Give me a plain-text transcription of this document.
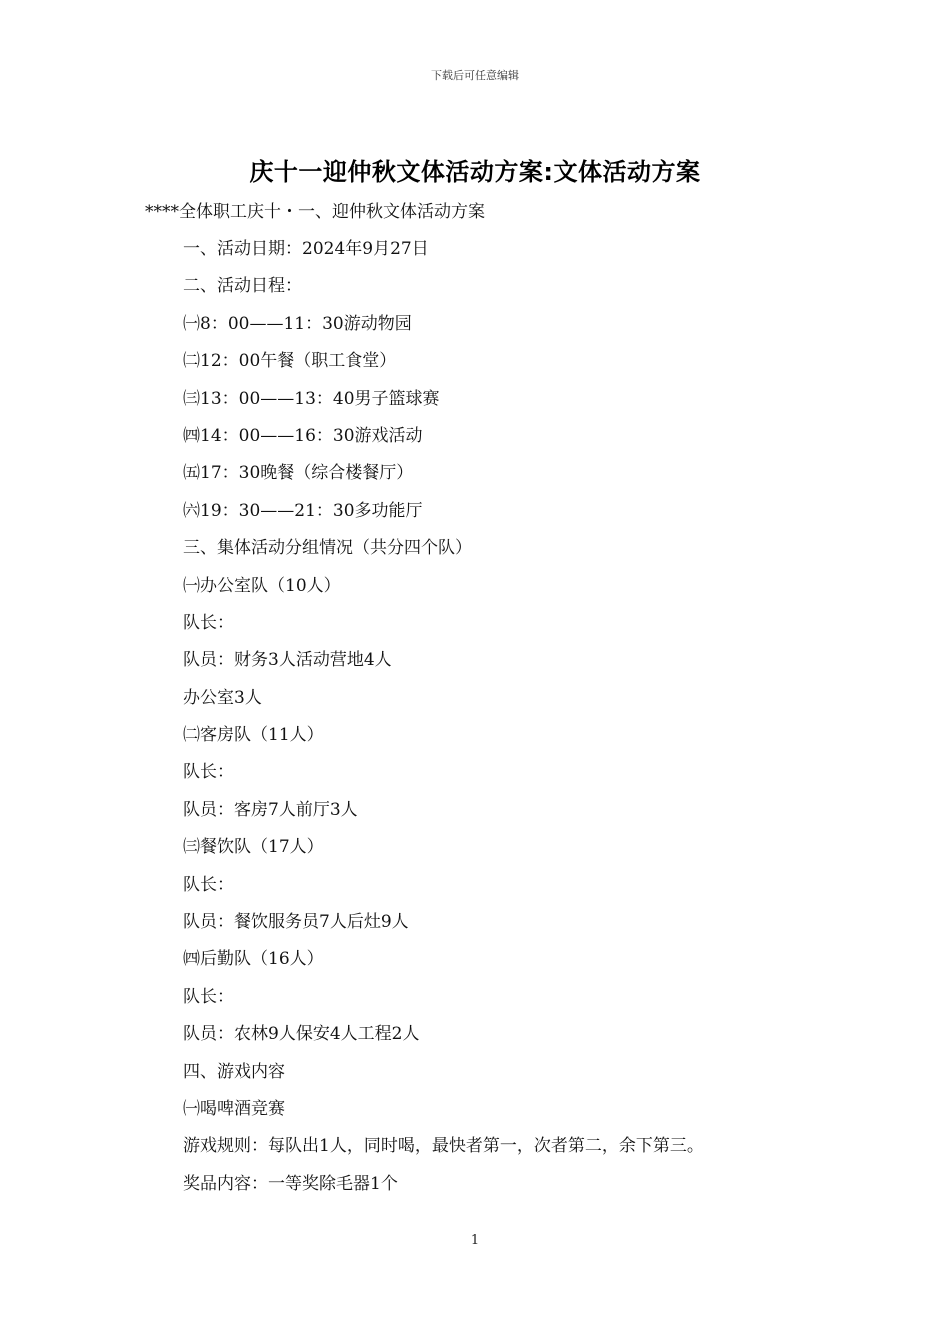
下载后可任意编辑
庆十一迎仲秋文体活动方案:文体活动方案
****全体职工庆十・一、迎仲秋文体活动方案
一、活动日期：2024年9月27日
二、活动日程：
㈠8：00——11：30游动物园
㈡12：00午餐（职工食堂）
㈢13：00——13：40男子篮球赛
㈣14：00——16：30游戏活动
㈤17：30晚餐（综合楼餐厅）
㈥19：30——21：30多功能厅
三、集体活动分组情况（共分四个队）
㈠办公室队（10人）
队长：
队员：财务3人活动营地4人
办公室3人
㈡客房队（11人）
队长：
队员：客房7人前厅3人
㈢餐饮队（17人）
队长：
队员：餐饮服务员7人后灶9人
㈣后勤队（16人）
队长：
队员：农林9人保安4人工程2人
四、游戏内容
㈠喝啤酒竞赛
游戏规则：每队出1人，同时喝，最快者第一，次者第二，余下第三。
奖品内容：一等奖除毛器1个
1
